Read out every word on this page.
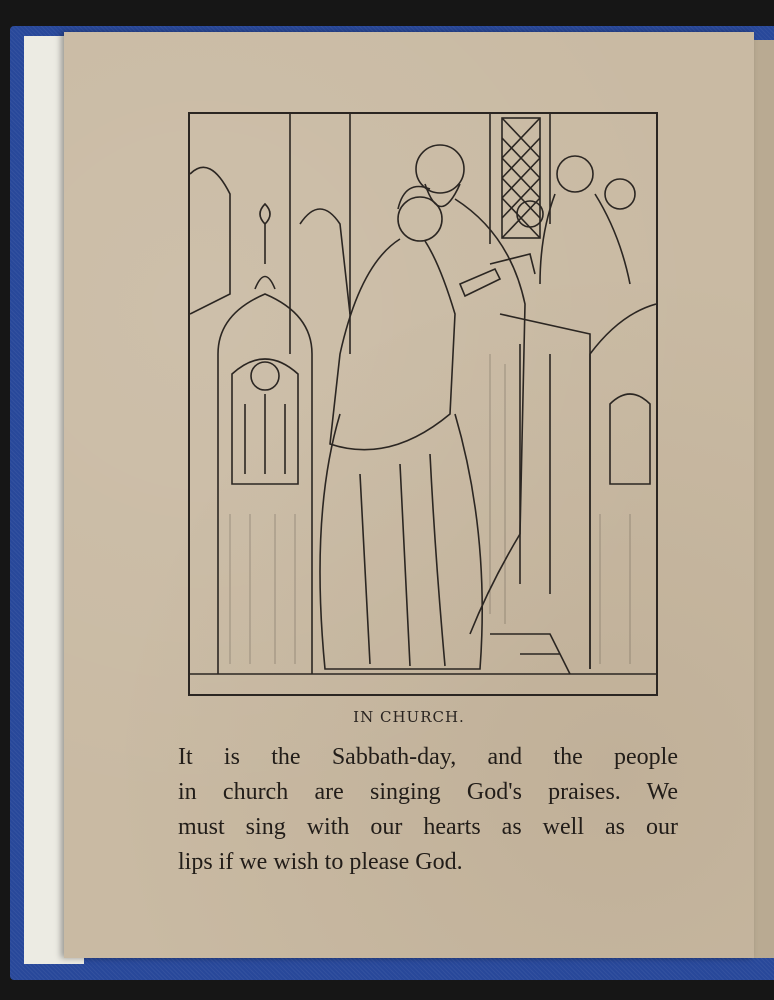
IN CHURCH.
It is the Sabbath-day, and the people
in church are singing God's praises. We
must sing with our hearts as well as our
lips if we wish to please God.
